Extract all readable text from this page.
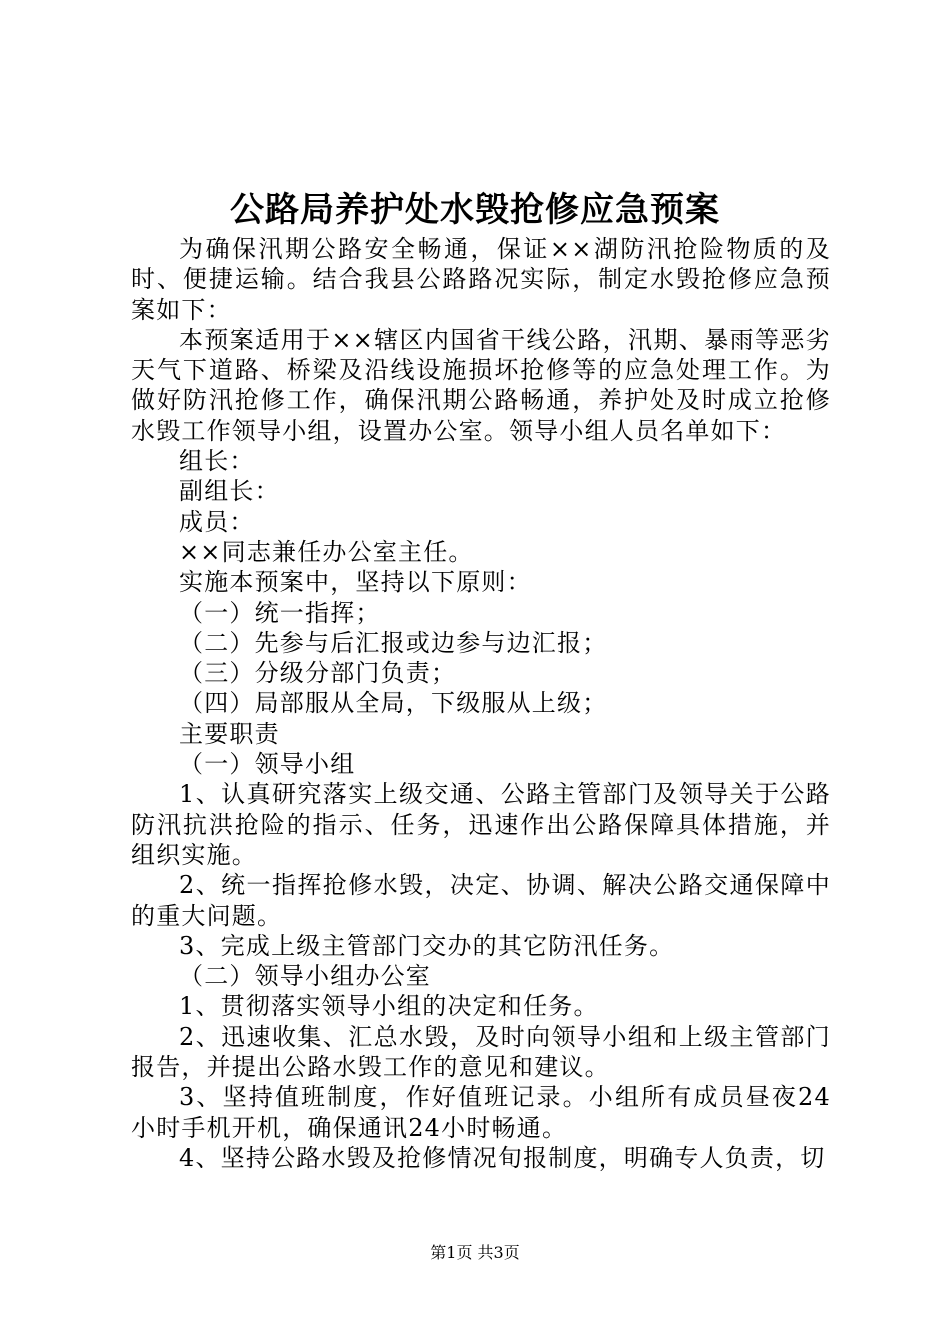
公路局养护处水毁抢修应急预案

为确保汛期公路安全畅通，保证××湖防汛抢险物质的及时、便捷运输。结合我县公路路况实际，制定水毁抢修应急预案如下：

本预案适用于××辖区内国省干线公路，汛期、暴雨等恶劣天气下道路、桥梁及沿线设施损坏抢修等的应急处理工作。为做好防汛抢修工作，确保汛期公路畅通，养护处及时成立抢修水毁工作领导小组，设置办公室。领导小组人员名单如下：

组长：

副组长：

成员：

××同志兼任办公室主任。

实施本预案中，坚持以下原则：

（一）统一指挥；

（二）先参与后汇报或边参与边汇报；

（三）分级分部门负责；

（四）局部服从全局，下级服从上级；

主要职责

（一）领导小组

1、认真研究落实上级交通、公路主管部门及领导关于公路防汛抗洪抢险的指示、任务，迅速作出公路保障具体措施，并组织实施。

2、统一指挥抢修水毁，决定、协调、解决公路交通保障中的重大问题。

3、完成上级主管部门交办的其它防汛任务。

（二）领导小组办公室

1、贯彻落实领导小组的决定和任务。

2、迅速收集、汇总水毁，及时向领导小组和上级主管部门报告，并提出公路水毁工作的意见和建议。

3、坚持值班制度，作好值班记录。小组所有成员昼夜24小时手机开机，确保通讯24小时畅通。

4、坚持公路水毁及抢修情况旬报制度，明确专人负责，切

第1页 共3页
